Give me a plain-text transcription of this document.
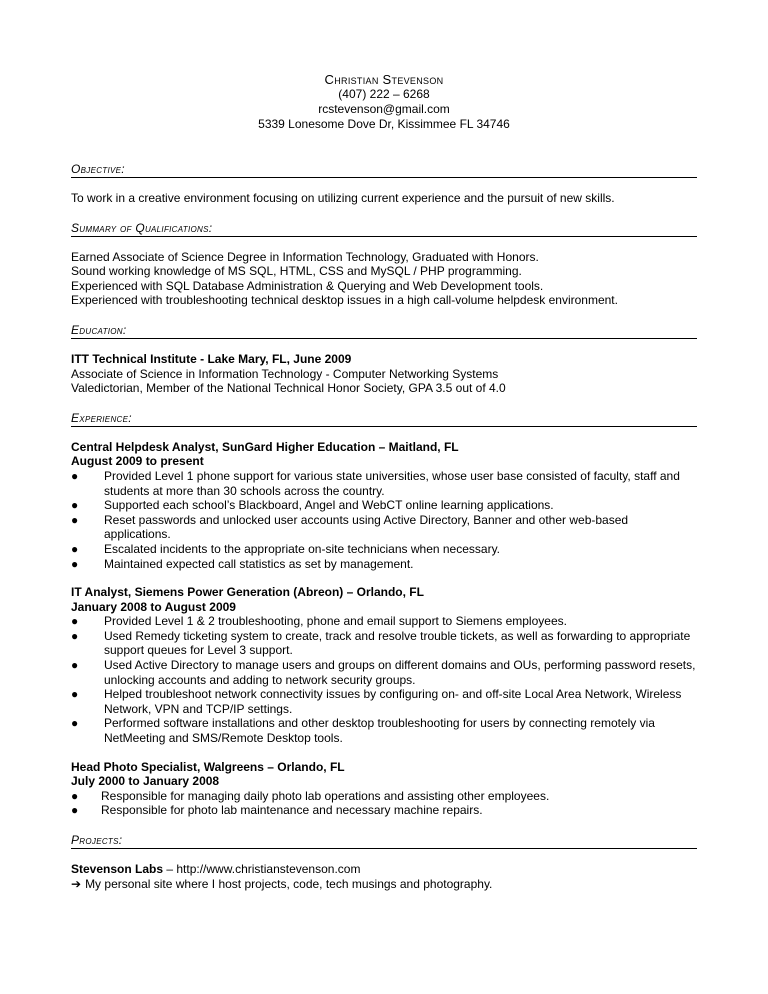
Christian Stevenson
(407) 222 – 6268
rcstevenson@gmail.com
5339 Lonesome Dove Dr, Kissimmee FL 34746
Objective:
To work in a creative environment focusing on utilizing current experience and the pursuit of new skills.
Summary of Qualifications:
Earned Associate of Science Degree in Information Technology, Graduated with Honors.
Sound working knowledge of MS SQL, HTML, CSS and MySQL / PHP programming.
Experienced with SQL Database Administration & Querying and Web Development tools.
Experienced with troubleshooting technical desktop issues in a high call-volume helpdesk environment.
Education:
ITT Technical Institute - Lake Mary, FL, June 2009
Associate of Science in Information Technology - Computer Networking Systems
Valedictorian, Member of the National Technical Honor Society, GPA 3.5 out of 4.0
Experience:
Central Helpdesk Analyst, SunGard Higher Education – Maitland, FL
August 2009 to present
● Provided Level 1 phone support for various state universities, whose user base consisted of faculty, staff and students at more than 30 schools across the country.
● Supported each school’s Blackboard, Angel and WebCT online learning applications.
● Reset passwords and unlocked user accounts using Active Directory, Banner and other web-based applications.
● Escalated incidents to the appropriate on-site technicians when necessary.
● Maintained expected call statistics as set by management.
IT Analyst, Siemens Power Generation (Abreon) – Orlando, FL
January 2008 to August 2009
● Provided Level 1 & 2 troubleshooting, phone and email support to Siemens employees.
● Used Remedy ticketing system to create, track and resolve trouble tickets, as well as forwarding to appropriate support queues for Level 3 support.
● Used Active Directory to manage users and groups on different domains and OUs, performing password resets, unlocking accounts and adding to network security groups.
● Helped troubleshoot network connectivity issues by configuring on- and off-site Local Area Network, Wireless Network, VPN and TCP/IP settings.
● Performed software installations and other desktop troubleshooting for users by connecting remotely via NetMeeting and SMS/Remote Desktop tools.
Head Photo Specialist, Walgreens – Orlando, FL
July 2000 to January 2008
● Responsible for managing daily photo lab operations and assisting other employees.
● Responsible for photo lab maintenance and necessary machine repairs.
Projects:
Stevenson Labs – http://www.christianstevenson.com
➔ My personal site where I host projects, code, tech musings and photography.
